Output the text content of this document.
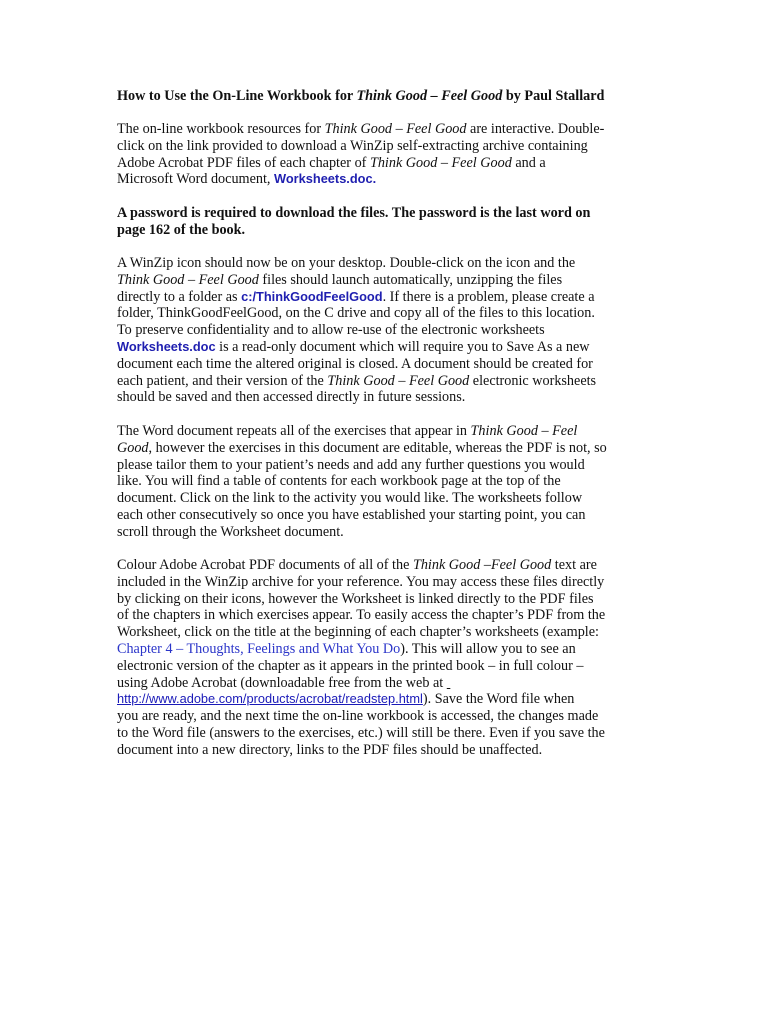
How to Use the On-Line Workbook for Think Good – Feel Good by Paul Stallard
The on-line workbook resources for Think Good – Feel Good are interactive. Double-
click on the link provided to download a WinZip self-extracting archive containing
Adobe Acrobat PDF files of each chapter of Think Good – Feel Good and a
Microsoft Word document, Worksheets.doc.
A password is required to download the files. The password is the last word on
page 162 of the book.
A WinZip icon should now be on your desktop. Double-click on the icon and the
Think Good – Feel Good files should launch automatically, unzipping the files
directly to a folder as c:/ThinkGoodFeelGood. If there is a problem, please create a
folder, ThinkGoodFeelGood, on the C drive and copy all of the files to this location.
To preserve confidentiality and to allow re-use of the electronic worksheets
Worksheets.doc is a read-only document which will require you to Save As a new
document each time the altered original is closed. A document should be created for
each patient, and their version of the Think Good – Feel Good electronic worksheets
should be saved and then accessed directly in future sessions.
The Word document repeats all of the exercises that appear in Think Good – Feel
Good, however the exercises in this document are editable, whereas the PDF is not, so
please tailor them to your patient’s needs and add any further questions you would
like. You will find a table of contents for each workbook page at the top of the
document. Click on the link to the activity you would like. The worksheets follow
each other consecutively so once you have established your starting point, you can
scroll through the Worksheet document.
Colour Adobe Acrobat PDF documents of all of the Think Good –Feel Good text are
included in the WinZip archive for your reference. You may access these files directly
by clicking on their icons, however the Worksheet is linked directly to the PDF files
of the chapters in which exercises appear. To easily access the chapter’s PDF from the
Worksheet, click on the title at the beginning of each chapter’s worksheets (example:
Chapter 4 – Thoughts, Feelings and What You Do). This will allow you to see an
electronic version of the chapter as it appears in the printed book – in full colour –
using Adobe Acrobat (downloadable free from the web at
http://www.adobe.com/products/acrobat/readstep.html). Save the Word file when
you are ready, and the next time the on-line workbook is accessed, the changes made
to the Word file (answers to the exercises, etc.) will still be there. Even if you save the
document into a new directory, links to the PDF files should be unaffected.
